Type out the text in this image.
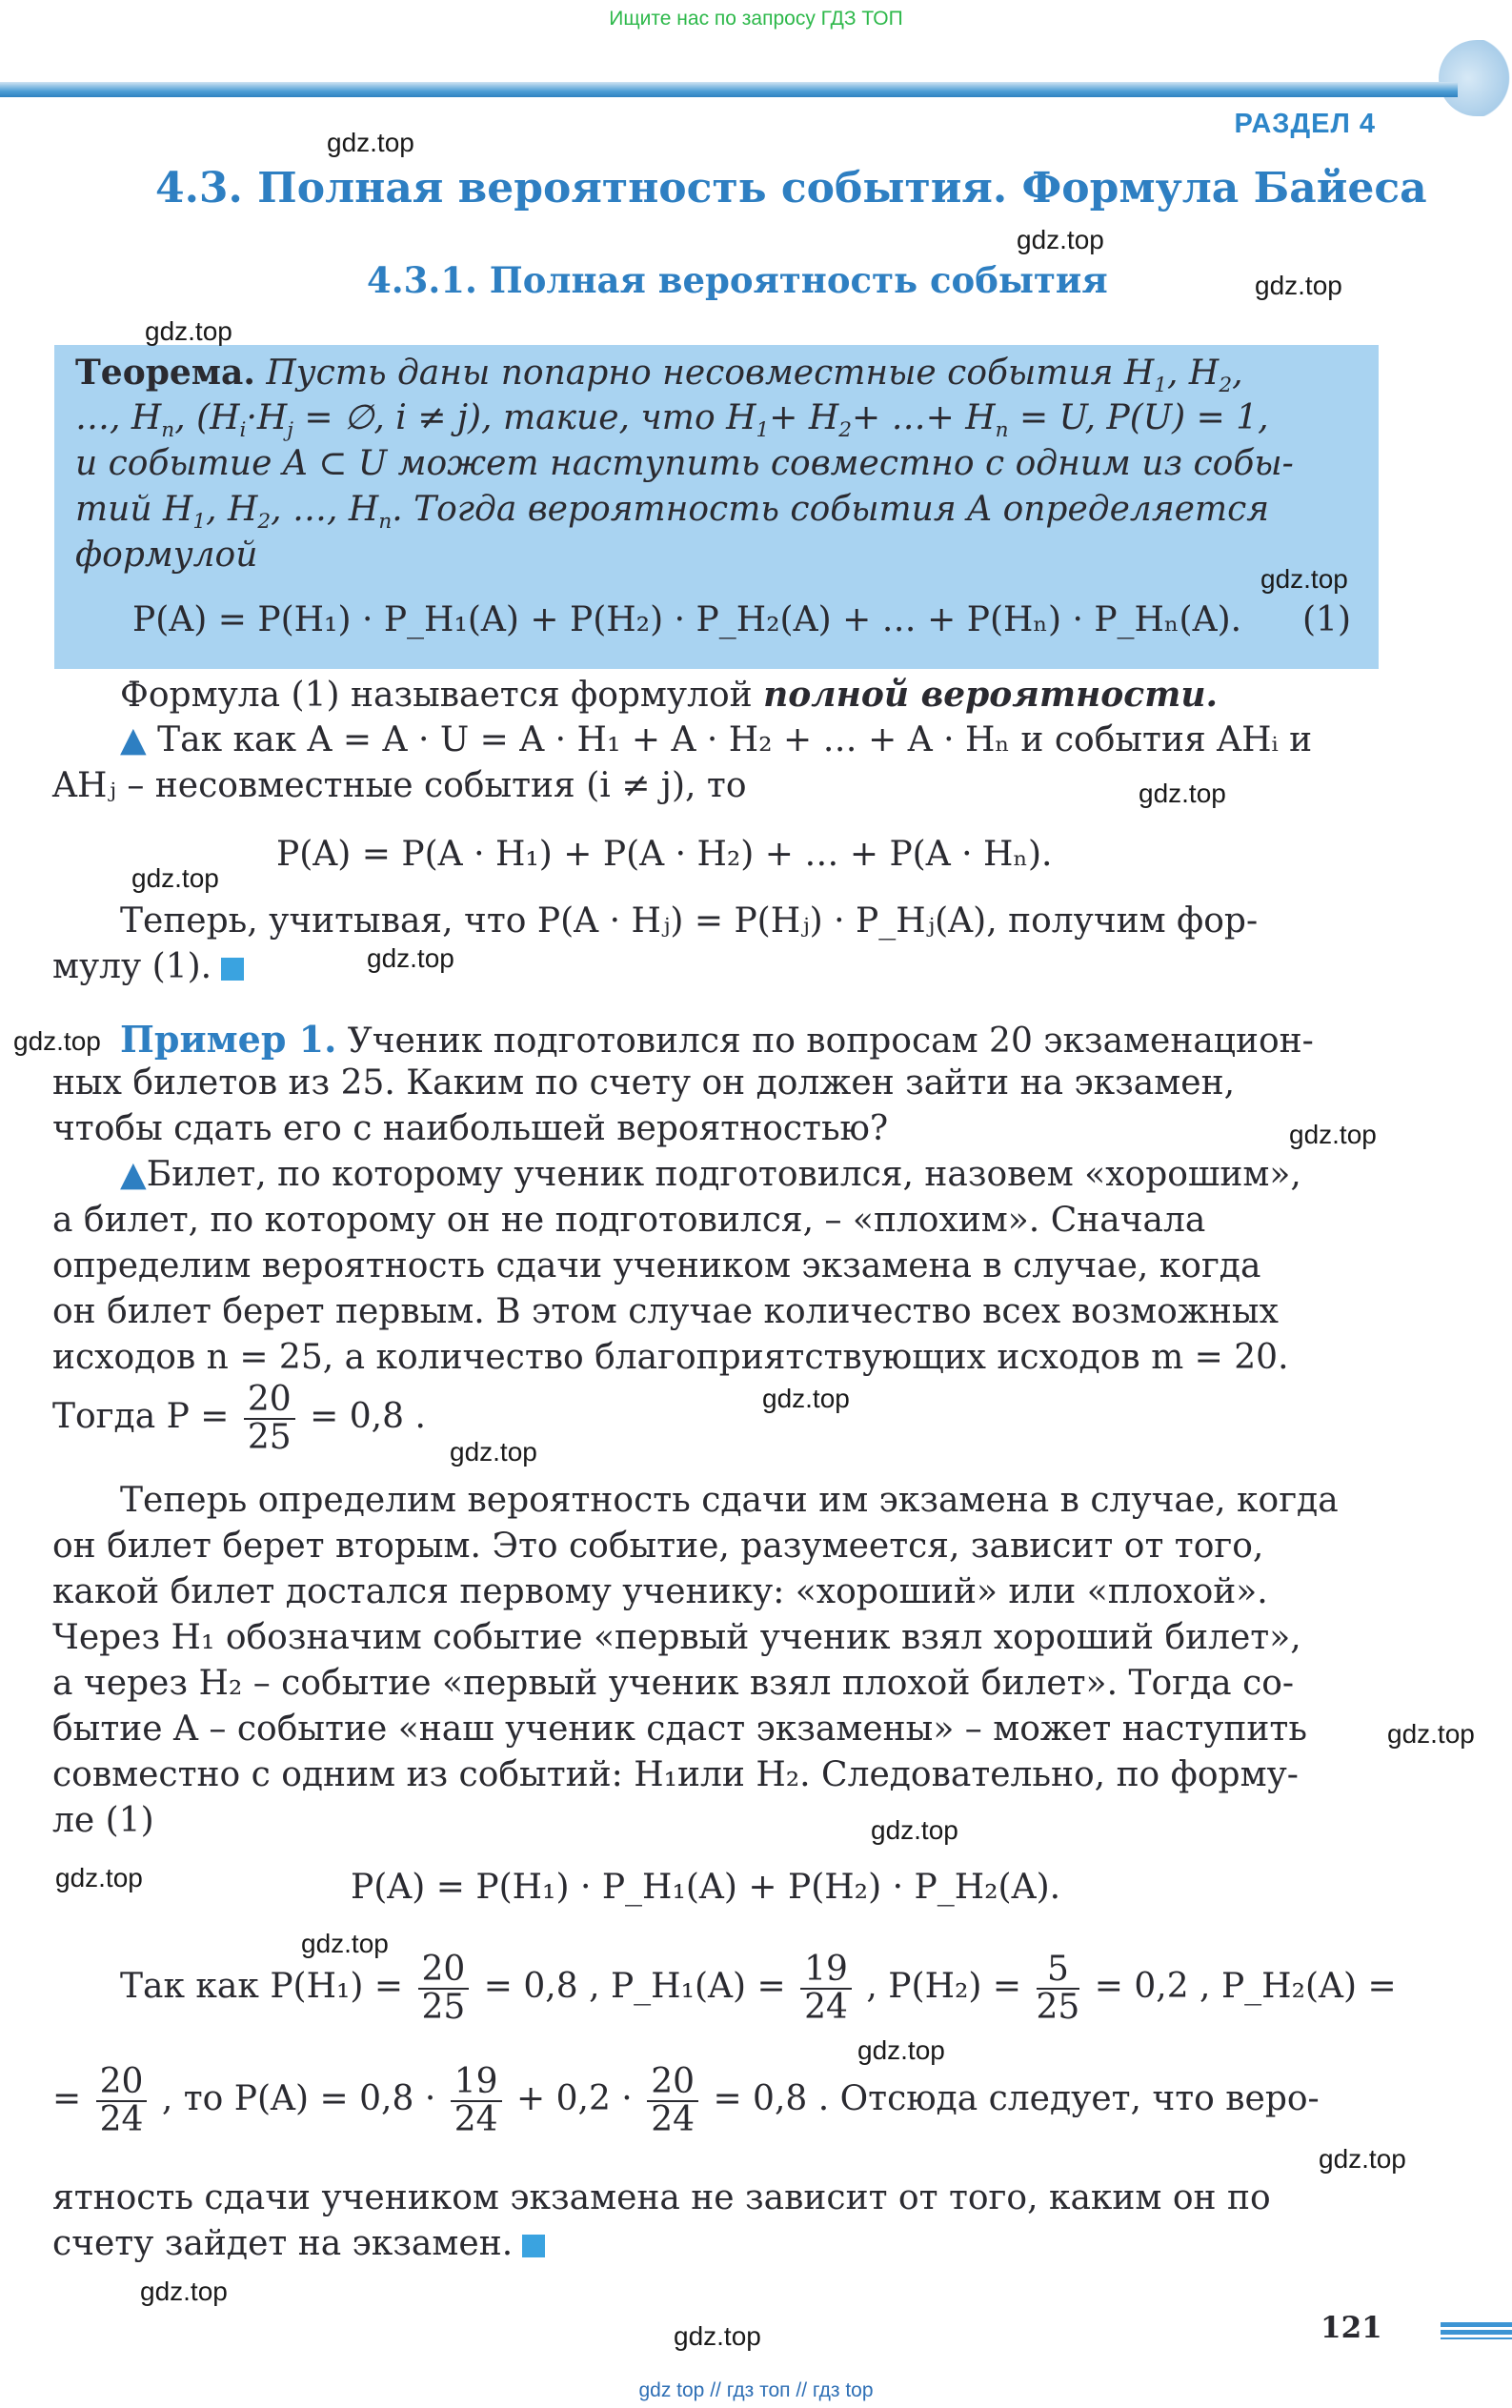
Ищите нас по запросу ГДЗ ТОП
РАЗДЕЛ 4
4.3. Полная вероятность события. Формула Байеса
4.3.1. Полная вероятность события
Теорема. Пусть даны попарно несовместные события $H_1$, $H_2$,
…, $H_n$, ($H_i\cdot H_j$ = ∅, i ≠ j), такие, что $H_1+ H_2+$ …+ $H_n = U$, P(U) = 1,
и событие A ⊂ U может наступить совместно с одним из собы-
тий $H_1$, $H_2$, …, $H_n$. Тогда вероятность события A определяется
формулой
P(A) = P(H₁) · P_H₁(A) + P(H₂) · P_H₂(A) + … + P(Hₙ) · P_Hₙ(A). (1)
Формула (1) называется формулой полной вероятности.
▲ Так как A = A · U = A · H₁ + A · H₂ + … + A · Hₙ и события AHᵢ и
AHⱼ – несовместные события (i ≠ j), то
P(A) = P(A · H₁) + P(A · H₂) + … + P(A · Hₙ).
Теперь, учитывая, что P(A · Hⱼ) = P(Hⱼ) · P_Hⱼ(A), получим фор-
мулу (1).
Пример 1. Ученик подготовился по вопросам 20 экзаменацион-
ных билетов из 25. Каким по счету он должен зайти на экзамен,
чтобы сдать его с наибольшей вероятностью?
▲Билет, по которому ученик подготовился, назовем «хорошим»,
а билет, по которому он не подготовился, – «плохим». Сначала
определим вероятность сдачи учеником экзамена в случае, когда
он билет берет первым. В этом случае количество всех возможных
исходов n = 25, а количество благоприятствующих исходов m = 20.
Тогда $P = \frac{20}{25} = 0,8$ .
Теперь определим вероятность сдачи им экзамена в случае, когда
он билет берет вторым. Это событие, разумеется, зависит от того,
какой билет достался первому ученику: «хороший» или «плохой».
Через H₁ обозначим событие «первый ученик взял хороший билет»,
а через H₂ – событие «первый ученик взял плохой билет». Тогда со-
бытие A – событие «наш ученик сдаст экзамены» – может наступить
совместно с одним из событий: H₁или H₂. Следовательно, по форму-
ле (1)
P(A) = P(H₁) · P_H₁(A) + P(H₂) · P_H₂(A).
Так как $P(H_1) = \frac{20}{25} = 0,8$ , P_H₁(A) = $\frac{19}{24}$ , $P(H_2) = \frac{5}{25} = 0,2$ , P_H₂(A) =
= $\frac{20}{24}$ , то $P(A) = 0,8 \cdot \frac{19}{24} + 0,2 \cdot \frac{20}{24} = 0,8$ . Отсюда следует, что веро-
ятность сдачи учеником экзамена не зависит от того, каким он по
счету зайдет на экзамен.
gdz.top
gdz.top
gdz.top
gdz.top
gdz.top
gdz.top
gdz.top
gdz.top
gdz.top
gdz.top
gdz.top
gdz.top
gdz.top
gdz.top
gdz.top
gdz.top
gdz.top
gdz.top
gdz.top
gdz.top	121
gdz top // гдз топ // гдз top
